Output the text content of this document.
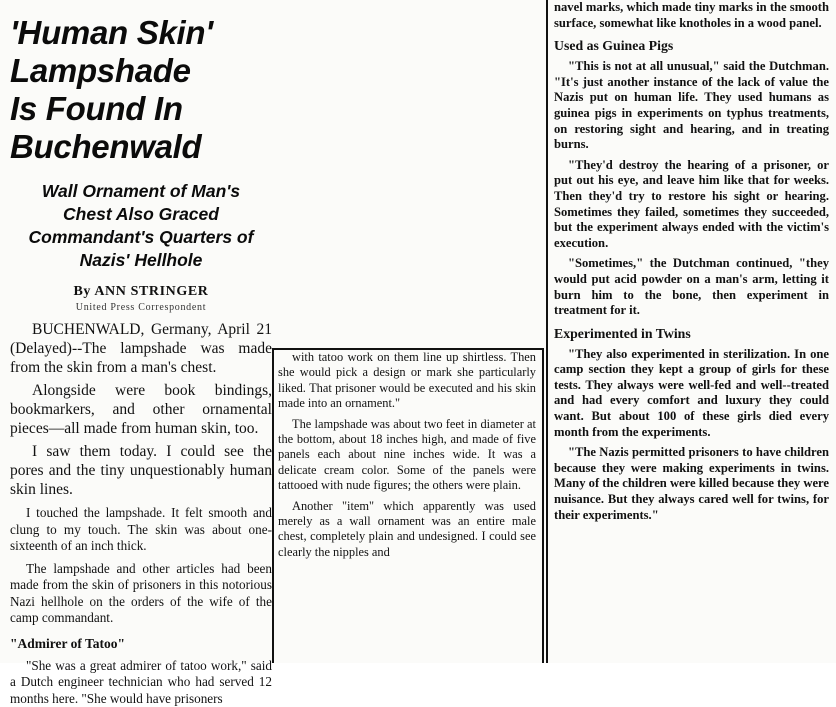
'Human Skin' Lampshade
Is Found In Buchenwald
Wall Ornament of Man's Chest Also Graced
Commandant's Quarters of Nazis' Hellhole
By ANN STRINGER
United Press Correspondent
BUCHENWALD, Germany, April 21 (Delayed)--The lampshade was made from the skin from a man's chest.
Alongside were book bindings, bookmarkers, and other ornamental pieces—all made from human skin, too.
I saw them today. I could see the pores and the tiny unquestionably human skin lines.
I touched the lampshade. It felt smooth and clung to my touch. The skin was about one-sixteenth of an inch thick.
The lampshade and other articles had been made from the skin of prisoners in this notorious Nazi hellhole on the orders of the wife of the camp commandant.
"Admirer of Tatoo"
"She was a great admirer of tatoo work," said a Dutch engineer technician who had served 12 months here. "She would have prisoners
with tatoo work on them line up shirtless. Then she would pick a design or mark she particularly liked. That prisoner would be executed and his skin made into an ornament."
The lampshade was about two feet in diameter at the bottom, about 18 inches high, and made of five panels each about nine inches wide. It was a delicate cream color. Some of the panels were tattooed with nude figures; the others were plain.
Another "item" which apparently was used merely as a wall ornament was an entire male chest, completely plain and undesigned. I could see clearly the nipples and
navel marks, which made tiny marks in the smooth surface, somewhat like knotholes in a wood panel.
Used as Guinea Pigs
"This is not at all unusual," said the Dutchman. "It's just another instance of the lack of value the Nazis put on human life. They used humans as guinea pigs in experiments on typhus treatments, on restoring sight and hearing, and in treating burns.
"They'd destroy the hearing of a prisoner, or put out his eye, and leave him like that for weeks. Then they'd try to restore his sight or hearing. Sometimes they failed, sometimes they succeeded, but the experiment always ended with the victim's execution.
"Sometimes," the Dutchman continued, "they would put acid powder on a man's arm, letting it burn him to the bone, then experiment in treatment for it.
Experimented in Twins
"They also experimented in sterilization. In one camp section they kept a group of girls for these tests. They always were well-fed and well--treated and had every comfort and luxury they could want. But about 100 of these girls died every month from the experiments.
"The Nazis permitted prisoners to have children because they were making experiments in twins. Many of the children were killed because they were nuisance. But they always cared well for twins, for their experiments."
